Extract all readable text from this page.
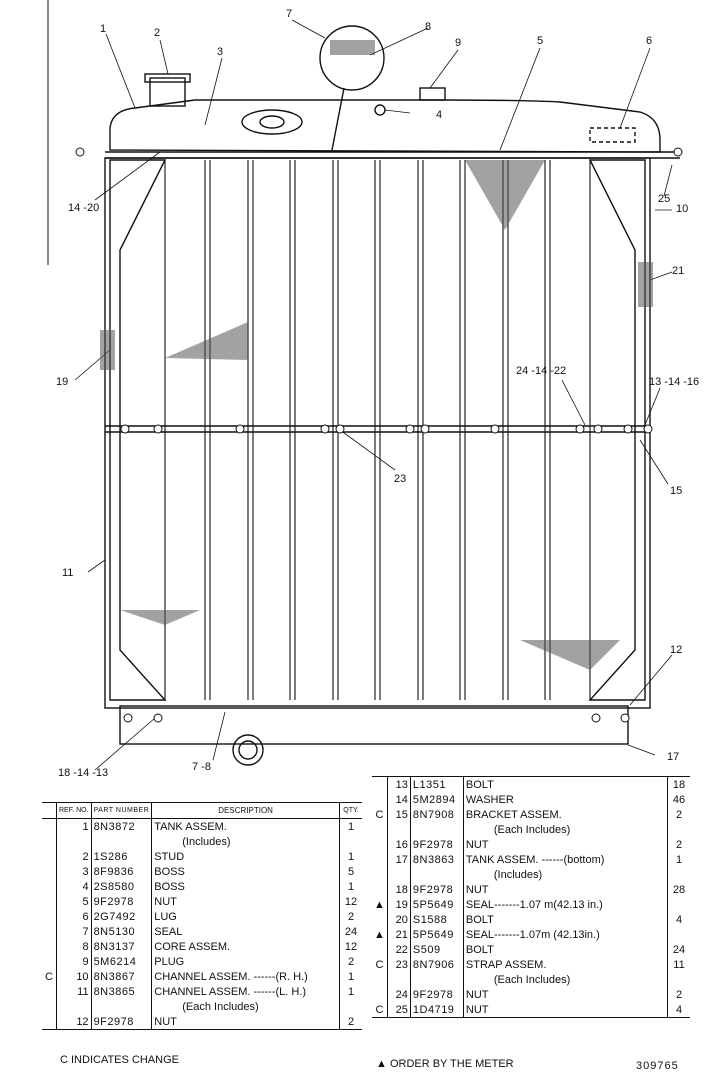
1	2
3
4
5	6
7
8
9
10
11
12
13 -14 -16
14 -20
15
17
18 -14 -13
19
21
23
24 -14 -22
25
7 -8
	REF. NO.	PART NUMBER	DESCRIPTION	QTY.
	1	8N3872	TANK ASSEM.	1
			(Includes)	
	2	1S286	STUD	1
	3	8F9836	BOSS	5
	4	2S8580	BOSS	1
	5	9F2978	NUT	12
	6	2G7492	LUG	2
	7	8N5130	SEAL	24
	8	8N3137	CORE ASSEM.	12
	9	5M6214	PLUG	2
C	10	8N3867	CHANNEL ASSEM. ------(R. H.)	1
	11	8N3865	CHANNEL ASSEM. ------(L. H.)	1
			(Each Includes)	
	12	9F2978	NUT	2
	13	L1351	BOLT	18
	14	5M2894	WASHER	46
C	15	8N7908	BRACKET ASSEM.	2
			(Each Includes)	
	16	9F2978	NUT	2
	17	8N3863	TANK ASSEM. ------(bottom)	1
			(Includes)	
	18	9F2978	NUT	28
▲	19	5P5649	SEAL-------1.07 m(42.13 in.)	
	20	S1588	BOLT	4
▲	21	5P5649	SEAL-------1.07m (42.13in.)	
	22	S509	BOLT	24
C	23	8N7906	STRAP ASSEM.	11
			(Each Includes)	
	24	9F2978	NUT	2
C	25	1D4719	NUT	4
C INDICATES CHANGE	▲ ORDER BY THE METER	309765
